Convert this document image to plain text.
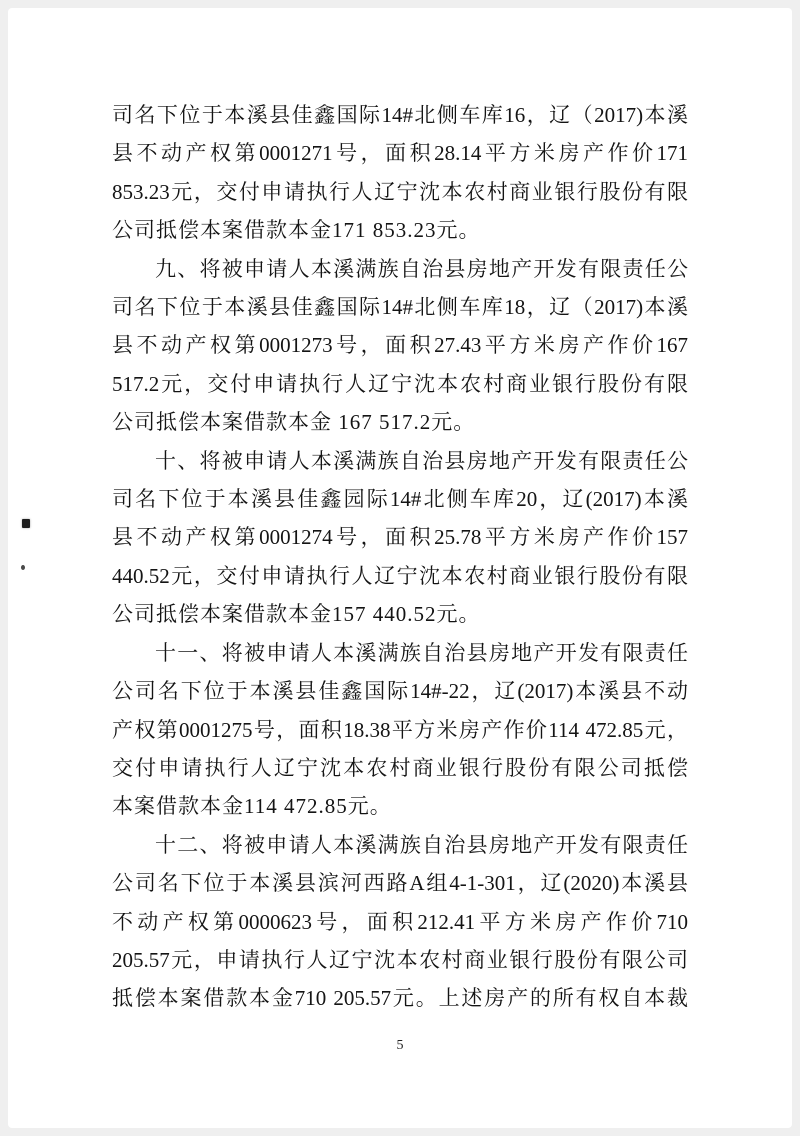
司名下位于本溪县佳鑫国际14#北侧车库16，辽（2017)本溪
县不动产权第0001271号，面积28.14平方米房产作价171
853.23元，交付申请执行人辽宁沈本农村商业银行股份有限
公司抵偿本案借款本金171 853.23元。
九、将被申请人本溪满族自治县房地产开发有限责任公
司名下位于本溪县佳鑫国际14#北侧车库18，辽（2017)本溪
县不动产权第0001273号，面积27.43平方米房产作价167
517.2元，交付申请执行人辽宁沈本农村商业银行股份有限
公司抵偿本案借款本金 167 517.2元。
十、将被申请人本溪满族自治县房地产开发有限责任公
司名下位于本溪县佳鑫园际14#北侧车库20，辽(2017)本溪
县不动产权第0001274号，面积25.78平方米房产作价157
440.52元，交付申请执行人辽宁沈本农村商业银行股份有限
公司抵偿本案借款本金157 440.52元。
十一、将被申请人本溪满族自治县房地产开发有限责任
公司名下位于本溪县佳鑫国际14#-22，辽(2017)本溪县不动
产权第0001275号，面积18.38平方米房产作价114 472.85元，
交付申请执行人辽宁沈本农村商业银行股份有限公司抵偿
本案借款本金114 472.85元。
十二、将被申请人本溪满族自治县房地产开发有限责任
公司名下位于本溪县滨河西路A组4-1-301，辽(2020)本溪县
不动产权第0000623号，面积212.41平方米房产作价710
205.57元，申请执行人辽宁沈本农村商业银行股份有限公司
抵偿本案借款本金710 205.57元。上述房产的所有权自本裁
5
